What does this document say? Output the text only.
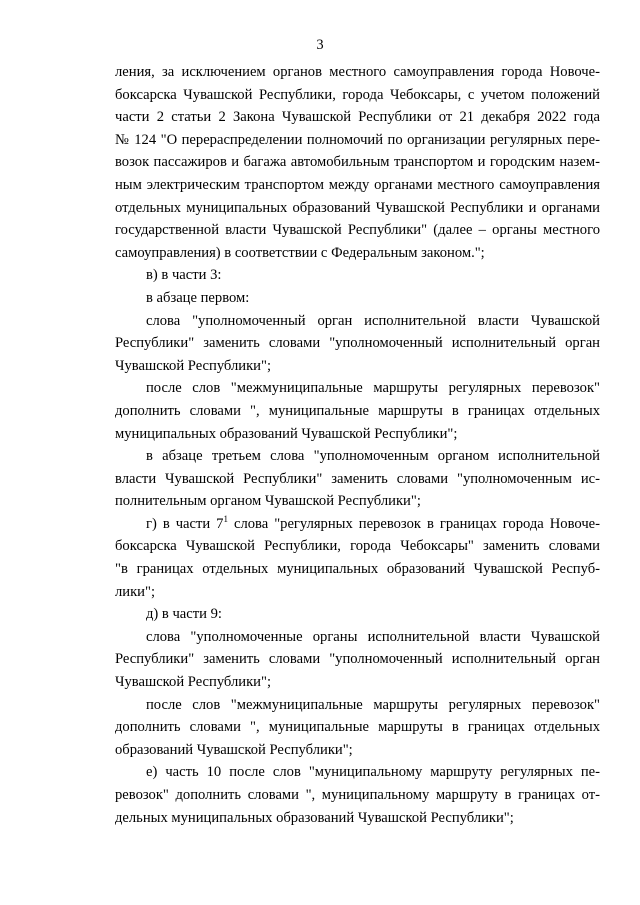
3
ления, за исключением органов местного самоуправления города Новоче-
боксарска Чувашской Республики, города Чебоксары, с учетом положений
части 2 статьи 2 Закона Чувашской Республики от 21 декабря 2022 года
№ 124 "О перераспределении полномочий по организации регулярных пере-
возок пассажиров и багажа автомобильным транспортом и городским назем-
ным электрическим транспортом между органами местного самоуправления
отдельных муниципальных образований Чувашской Республики и органами
государственной власти Чувашской Республики" (далее – органы местного
самоуправления) в соответствии с Федеральным законом.";
в) в части 3:
в абзаце первом:
слова "уполномоченный орган исполнительной власти Чувашской
Республики" заменить словами "уполномоченный исполнительный орган
Чувашской Республики";
после слов "межмуниципальные маршруты регулярных перевозок"
дополнить словами ", муниципальные маршруты в границах отдельных
муниципальных образований Чувашской Республики";
в абзаце третьем слова "уполномоченным органом исполнительной
власти Чувашской Республики" заменить словами "уполномоченным ис-
полнительным органом Чувашской Республики";
г) в части $7^1$ слова "регулярных перевозок в границах города Новоче-
боксарска Чувашской Республики, города Чебоксары" заменить словами
"в границах отдельных муниципальных образований Чувашской Респуб-
лики";
д) в части 9:
слова "уполномоченные органы исполнительной власти Чувашской
Республики" заменить словами "уполномоченный исполнительный орган
Чувашской Республики";
после слов "межмуниципальные маршруты регулярных перевозок"
дополнить словами ", муниципальные маршруты в границах отдельных
образований Чувашской Республики";
е) часть 10 после слов "муниципальному маршруту регулярных пе-
ревозок" дополнить словами ", муниципальному маршруту в границах от-
дельных муниципальных образований Чувашской Республики";
